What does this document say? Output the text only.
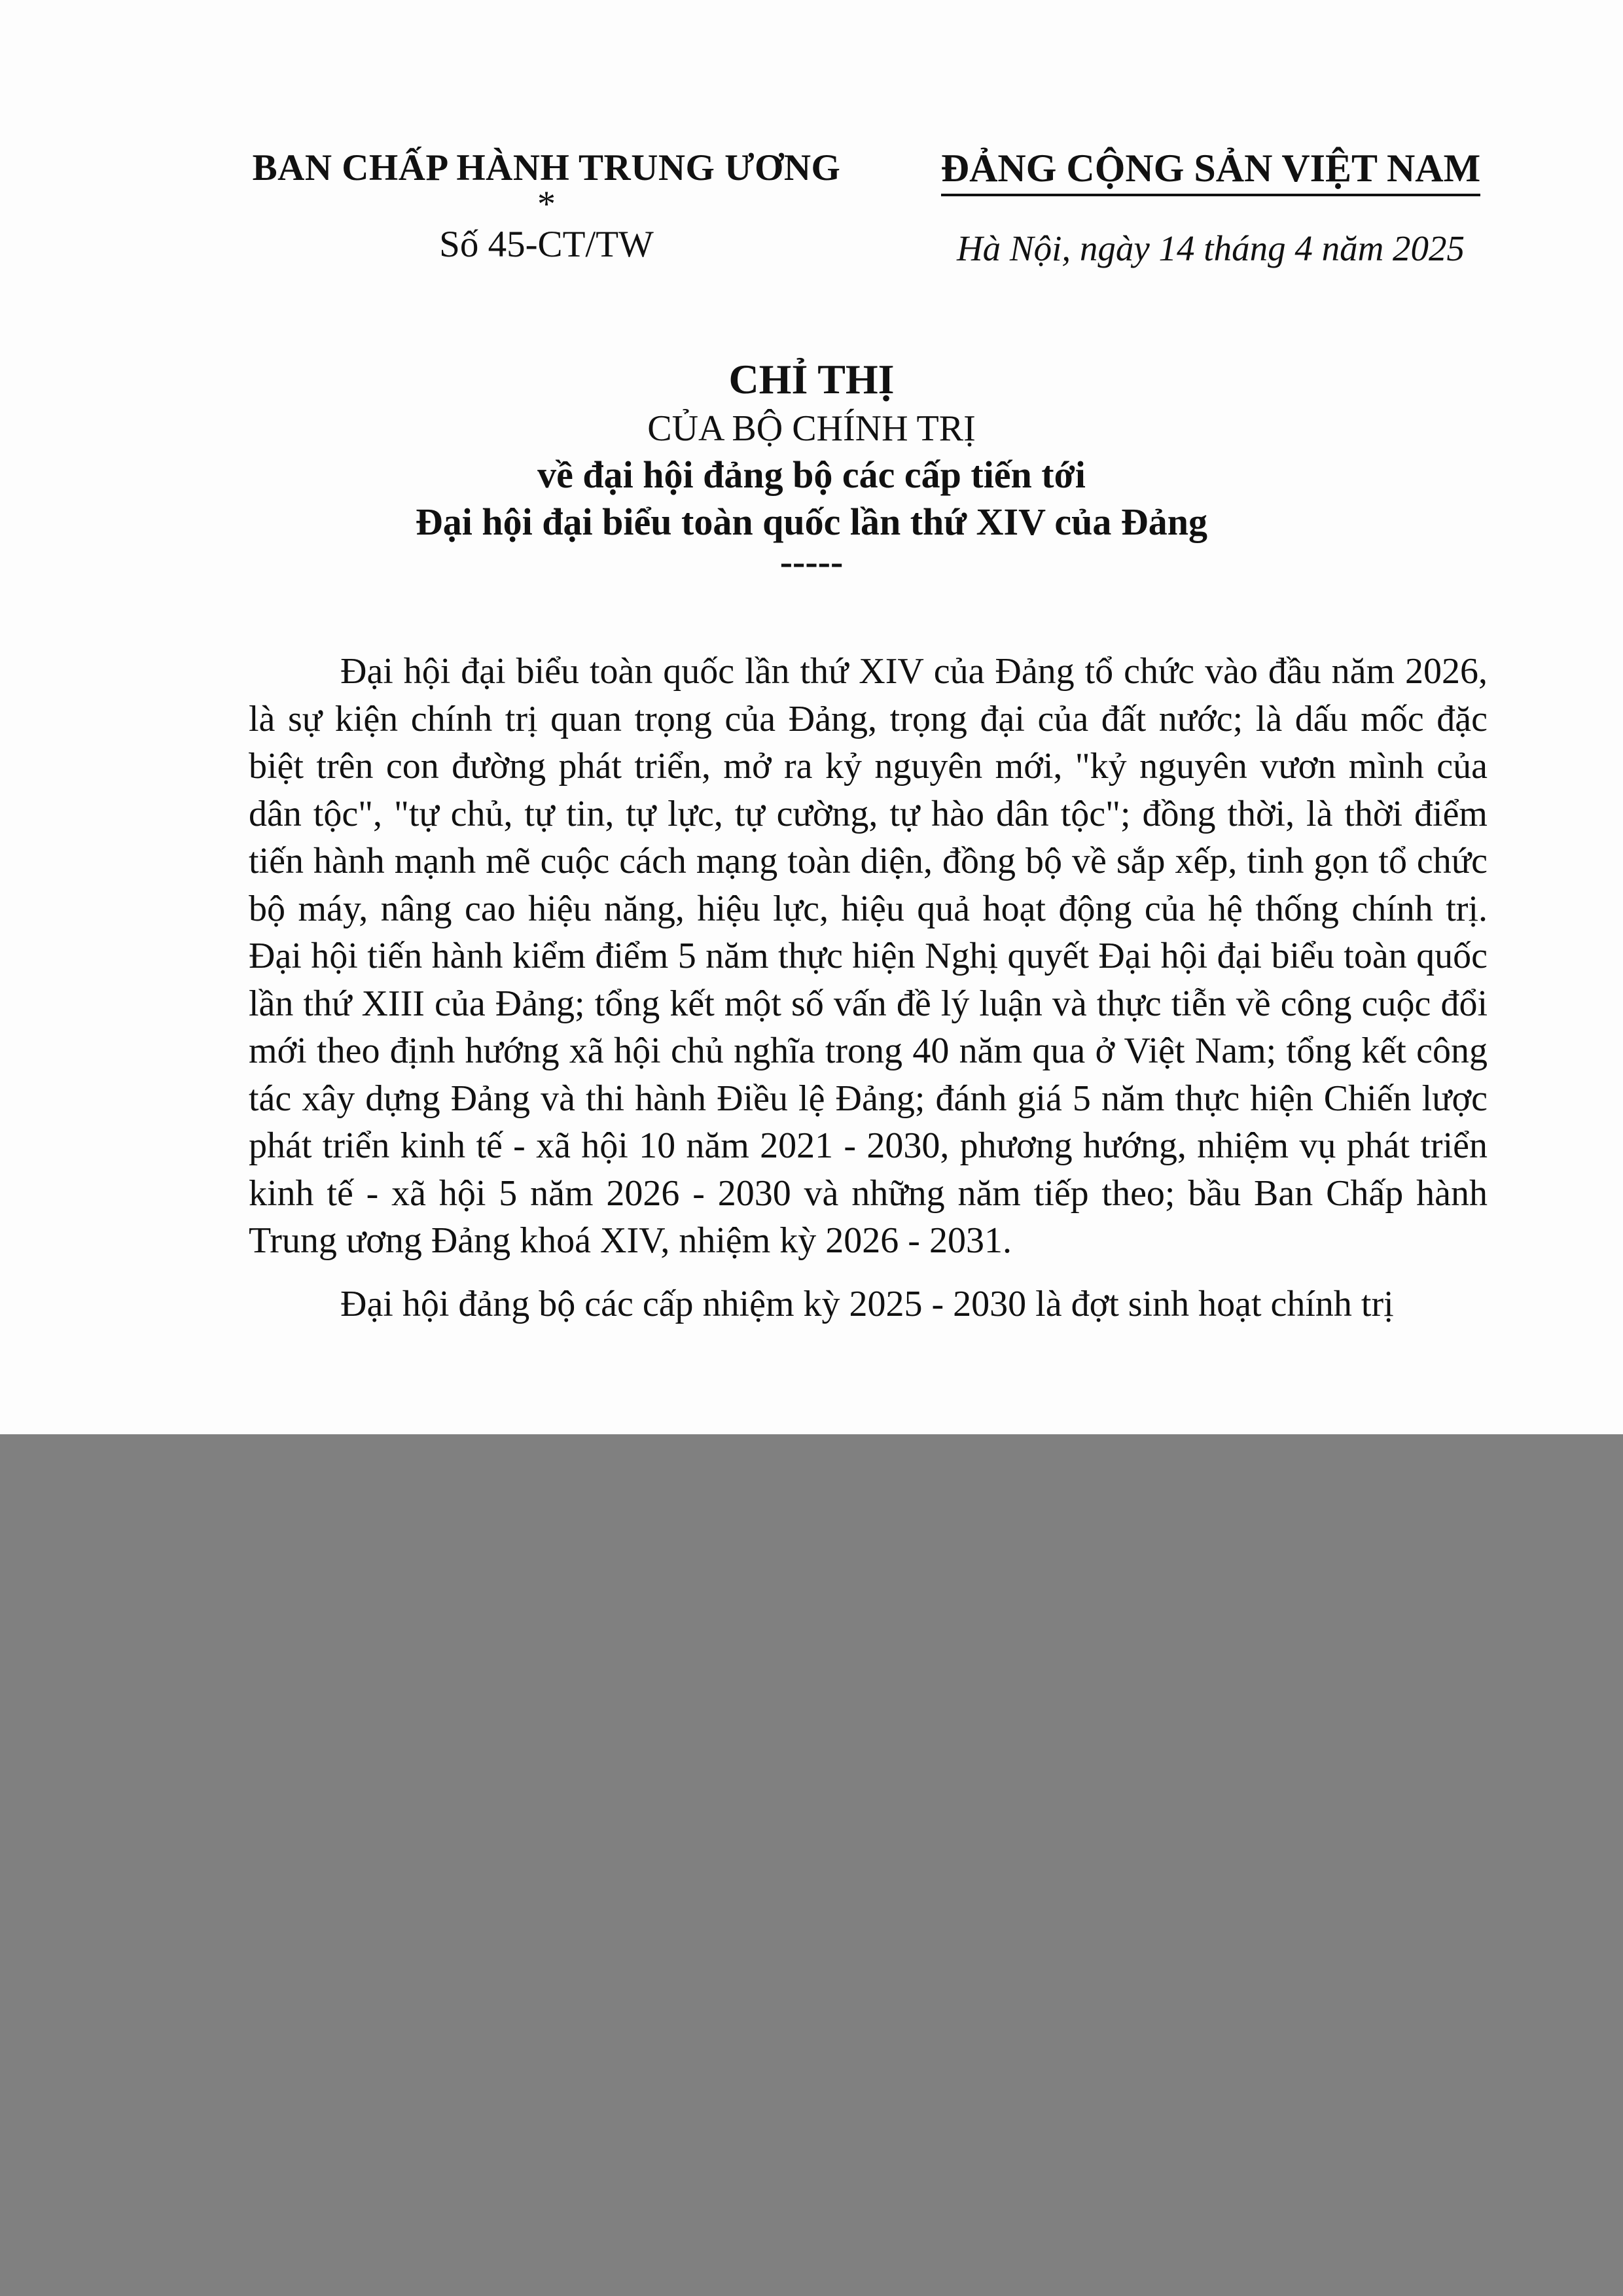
BAN CHẤP HÀNH TRUNG ƯƠNG
*
Số 45-CT/TW
ĐẢNG CỘNG SẢN VIỆT NAM
Hà Nội, ngày 14 tháng 4 năm 2025
CHỈ THỊ
CỦA BỘ CHÍNH TRỊ
về đại hội đảng bộ các cấp tiến tới
Đại hội đại biểu toàn quốc lần thứ XIV của Đảng
-----

Đại hội đại biểu toàn quốc lần thứ XIV của Đảng tổ chức vào đầu năm 2026, là sự kiện chính trị quan trọng của Đảng, trọng đại của đất nước; là dấu mốc đặc biệt trên con đường phát triển, mở ra kỷ nguyên mới, "kỷ nguyên vươn mình của dân tộc", "tự chủ, tự tin, tự lực, tự cường, tự hào dân tộc"; đồng thời, là thời điểm tiến hành mạnh mẽ cuộc cách mạng toàn diện, đồng bộ về sắp xếp, tinh gọn tổ chức bộ máy, nâng cao hiệu năng, hiệu lực, hiệu quả hoạt động của hệ thống chính trị. Đại hội tiến hành kiểm điểm 5 năm thực hiện Nghị quyết Đại hội đại biểu toàn quốc lần thứ XIII của Đảng; tổng kết một số vấn đề lý luận và thực tiễn về công cuộc đổi mới theo định hướng xã hội chủ nghĩa trong 40 năm qua ở Việt Nam; tổng kết công tác xây dựng Đảng và thi hành Điều lệ Đảng; đánh giá 5 năm thực hiện Chiến lược phát triển kinh tế - xã hội 10 năm 2021 - 2030, phương hướng, nhiệm vụ phát triển kinh tế - xã hội 5 năm 2026 - 2030 và những năm tiếp theo; bầu Ban Chấp hành Trung ương Đảng khoá XIV, nhiệm kỳ 2026 - 2031.

Đại hội đảng bộ các cấp nhiệm kỳ 2025 - 2030 là đợt sinh hoạt chính trị
